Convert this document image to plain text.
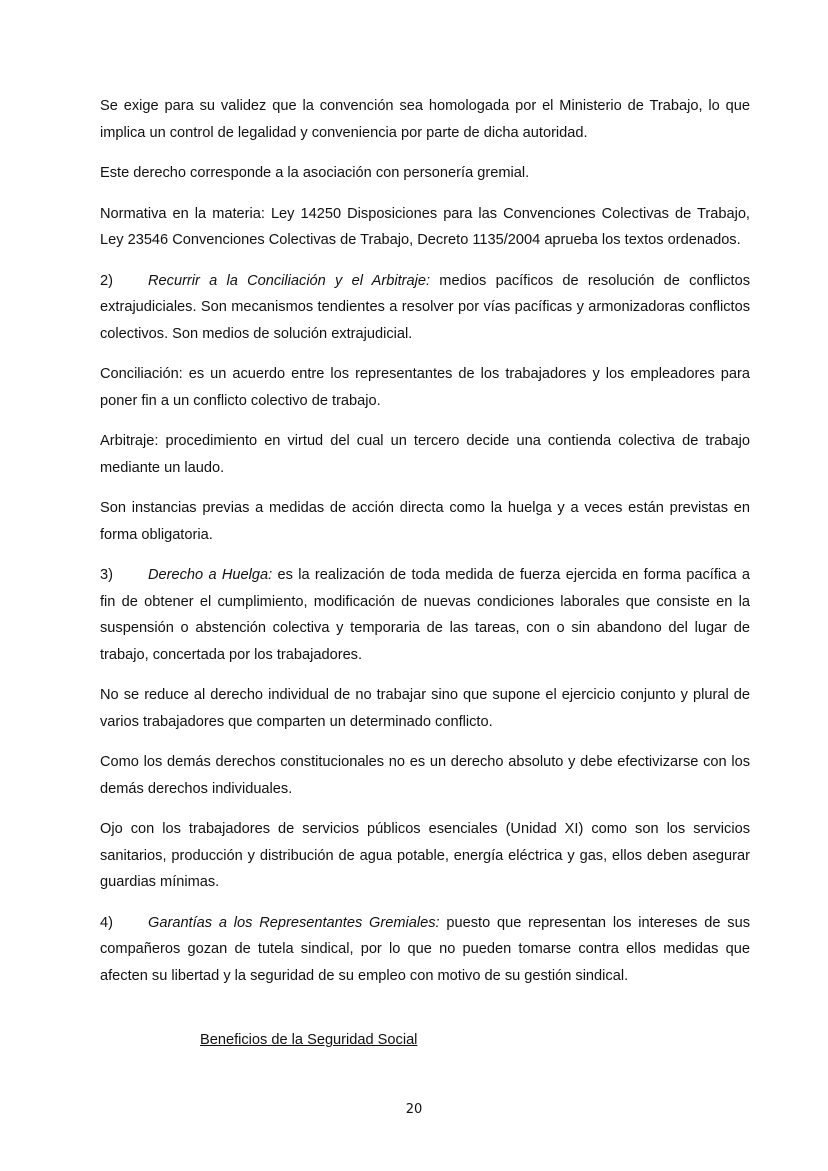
Se exige para su validez que la convención sea homologada por el Ministerio de Trabajo, lo que implica un control de legalidad y conveniencia por parte de dicha autoridad.

Este derecho corresponde a la asociación con personería gremial.

Normativa en la materia: Ley 14250 Disposiciones para las Convenciones Colectivas de Trabajo, Ley 23546 Convenciones Colectivas de Trabajo, Decreto 1135/2004 aprueba los textos ordenados.

2) Recurrir a la Conciliación y el Arbitraje: medios pacíficos de resolución de conflictos extrajudiciales. Son mecanismos tendientes a resolver por vías pacíficas y armonizadoras conflictos colectivos. Son medios de solución extrajudicial.

Conciliación: es un acuerdo entre los representantes de los trabajadores y los empleadores para poner fin a un conflicto colectivo de trabajo.

Arbitraje: procedimiento en virtud del cual un tercero decide una contienda colectiva de trabajo mediante un laudo.

Son instancias previas a medidas de acción directa como la huelga y a veces están previstas en forma obligatoria.

3) Derecho a Huelga: es la realización de toda medida de fuerza ejercida en forma pacífica a fin de obtener el cumplimiento, modificación de nuevas condiciones laborales que consiste en la suspensión o abstención colectiva y temporaria de las tareas, con o sin abandono del lugar de trabajo, concertada por los trabajadores.

No se reduce al derecho individual de no trabajar sino que supone el ejercicio conjunto y plural de varios trabajadores que comparten un determinado conflicto.

Como los demás derechos constitucionales no es un derecho absoluto y debe efectivizarse con los demás derechos individuales.

Ojo con los trabajadores de servicios públicos esenciales (Unidad XI) como son los servicios sanitarios, producción y distribución de agua potable, energía eléctrica y gas, ellos deben asegurar guardias mínimas.

4) Garantías a los Representantes Gremiales: puesto que representan los intereses de sus compañeros gozan de tutela sindical, por lo que no pueden tomarse contra ellos medidas que afecten su libertad y la seguridad de su empleo con motivo de su gestión sindical.

Beneficios de la Seguridad Social

20
